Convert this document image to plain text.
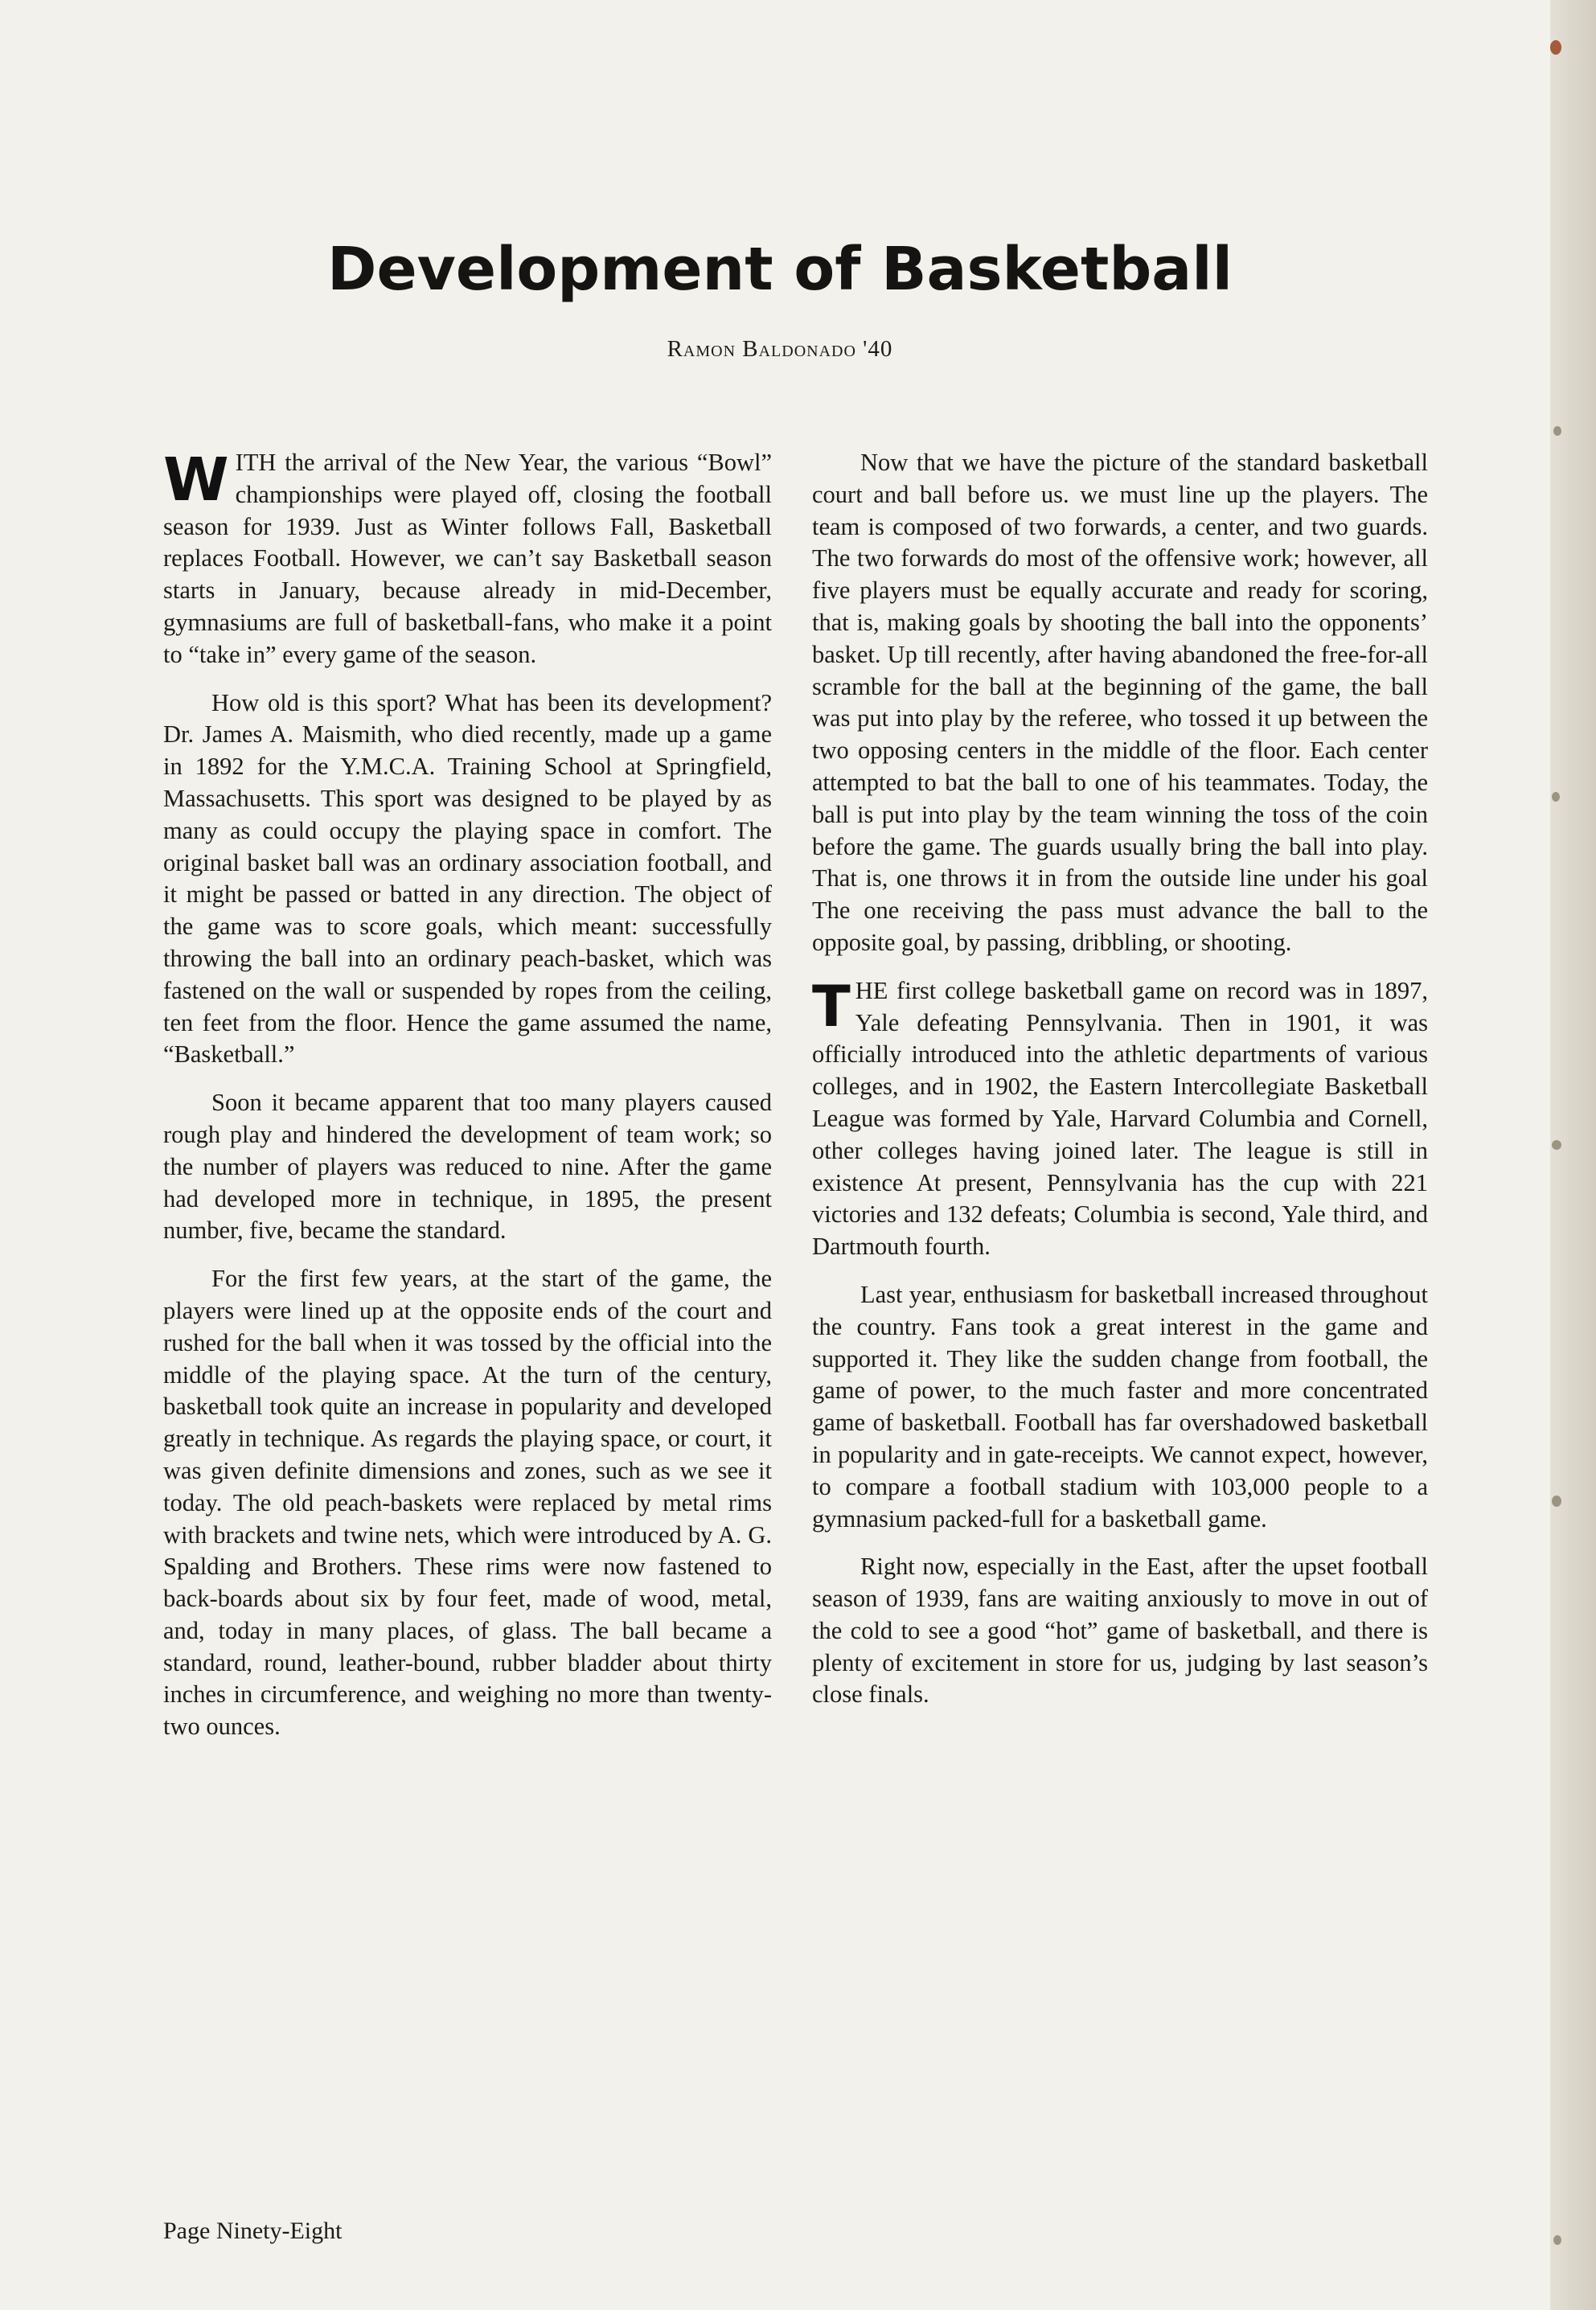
Development of Basketball

Ramon Baldonado '40

WITH the arrival of the New Year, the various “Bowl” championships were played off, closing the football season for 1939. Just as Winter follows Fall, Basketball replaces Football. However, we can’t say Basketball season starts in January, because already in mid-December, gymnasiums are full of basketball-fans, who make it a point to “take in” every game of the season.

How old is this sport? What has been its development? Dr. James A. Maismith, who died recently, made up a game in 1892 for the Y.M.C.A. Training School at Springfield, Massachusetts. This sport was designed to be played by as many as could occupy the playing space in comfort. The original basket ball was an ordinary association football, and it might be passed or batted in any direction. The object of the game was to score goals, which meant: successfully throwing the ball into an ordinary peach-basket, which was fastened on the wall or suspended by ropes from the ceiling, ten feet from the floor. Hence the game assumed the name, “Basketball.”

Soon it became apparent that too many players caused rough play and hindered the development of team work; so the number of players was reduced to nine. After the game had developed more in technique, in 1895, the present number, five, became the standard.

For the first few years, at the start of the game, the players were lined up at the opposite ends of the court and rushed for the ball when it was tossed by the official into the middle of the playing space. At the turn of the century, basketball took quite an increase in popularity and developed greatly in technique. As regards the playing space, or court, it was given definite dimensions and zones, such as we see it today. The old peach-baskets were replaced by metal rims with brackets and twine nets, which were introduced by A. G. Spalding and Brothers. These rims were now fastened to back-boards about six by four feet, made of wood, metal, and, today in many places, of glass. The ball became a standard, round, leather-bound, rubber bladder about thirty inches in circumference, and weighing no more than twenty-two ounces.

Now that we have the picture of the standard basketball court and ball before us. we must line up the players. The team is composed of two forwards, a center, and two guards. The two forwards do most of the offensive work; however, all five players must be equally accurate and ready for scoring, that is, making goals by shooting the ball into the opponents’ basket. Up till recently, after having abandoned the free-for-all scramble for the ball at the beginning of the game, the ball was put into play by the referee, who tossed it up between the two opposing centers in the middle of the floor. Each center attempted to bat the ball to one of his teammates. Today, the ball is put into play by the team winning the toss of the coin before the game. The guards usually bring the ball into play. That is, one throws it in from the outside line under his goal The one receiving the pass must advance the ball to the opposite goal, by passing, dribbling, or shooting.

THE first college basketball game on record was in 1897, Yale defeating Pennsylvania. Then in 1901, it was officially introduced into the athletic departments of various colleges, and in 1902, the Eastern Intercollegiate Basketball League was formed by Yale, Harvard Columbia and Cornell, other colleges having joined later. The league is still in existence At present, Pennsylvania has the cup with 221 victories and 132 defeats; Columbia is second, Yale third, and Dartmouth fourth.

Last year, enthusiasm for basketball increased throughout the country. Fans took a great interest in the game and supported it. They like the sudden change from football, the game of power, to the much faster and more concentrated game of basketball. Football has far overshadowed basketball in popularity and in gate-receipts. We cannot expect, however, to compare a football stadium with 103,000 people to a gymnasium packed-full for a basketball game.

Right now, especially in the East, after the upset football season of 1939, fans are waiting anxiously to move in out of the cold to see a good “hot” game of basketball, and there is plenty of excitement in store for us, judging by last season’s close finals.

Page Ninety-Eight
